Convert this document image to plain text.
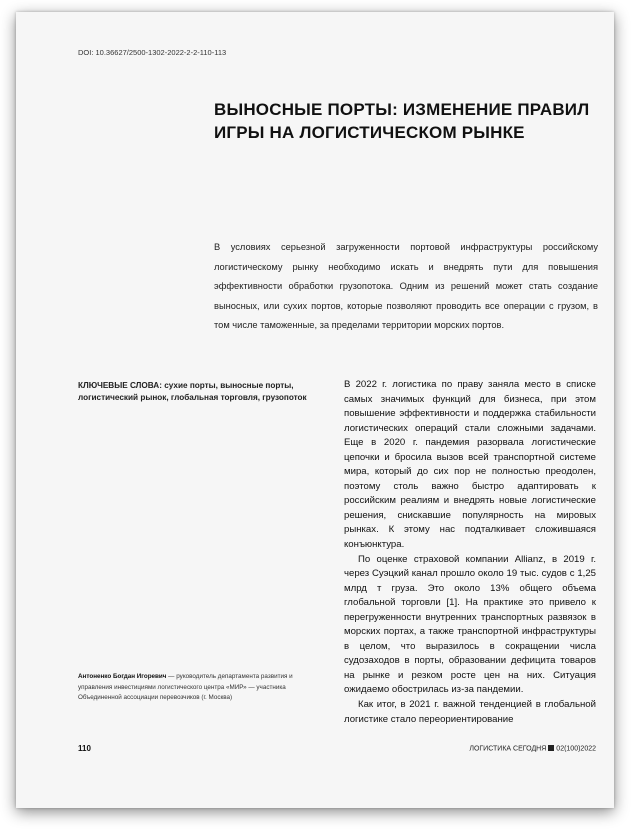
DOI: 10.36627/2500-1302-2022-2-2-110-113
ВЫНОСНЫЕ ПОРТЫ: ИЗМЕНЕНИЕ ПРАВИЛ ИГРЫ НА ЛОГИСТИЧЕСКОМ РЫНКЕ
В условиях серьезной загруженности портовой инфраструктуры российскому логистическому рынку необходимо искать и внедрять пути для повышения эффективности обработки грузопотока. Одним из решений может стать создание выносных, или сухих портов, которые позволяют проводить все операции с грузом, в том числе таможенные, за пределами территории морских портов.
КЛЮЧЕВЫЕ СЛОВА: сухие порты, выносные порты, логистический рынок, глобальная торговля, грузопоток

В 2022 г. логистика по праву заняла место в списке самых значимых функций для бизнеса, при этом повышение эффективности и поддержка стабильности логистических операций стали сложными задачами. Еще в 2020 г. пандемия разорвала логистические цепочки и бросила вызов всей транспортной системе мира, который до сих пор не полностью преодолен, поэтому столь важно быстро адаптировать к российским реалиям и внедрять новые логистические решения, снискавшие популярность на мировых рынках. К этому нас подталкивает сложившаяся конъюнктура.

По оценке страховой компании Allianz, в 2019 г. через Суэцкий канал прошло около 19 тыс. судов с 1,25 млрд т груза. Это около 13% общего объема глобальной торговли [1]. На практике это привело к перегруженности внутренних транспортных развязок в морских портах, а также транспортной инфраструктуры в целом, что выразилось в сокращении числа судозаходов в порты, образовании дефицита товаров на рынке и резком росте цен на них. Ситуация ожидаемо обострилась из-за пандемии.

Как итог, в 2021 г. важной тенденцией в глобальной логистике стало переориентирование

Антоненко Богдан Игоревич — руководитель департамента развития и управления инвестициями логистического центра «МИР» — участника Объединенной ассоциации перевозчиков (г. Москва)
110	ЛОГИСТИКА СЕГОДНЯ 02(100)2022
